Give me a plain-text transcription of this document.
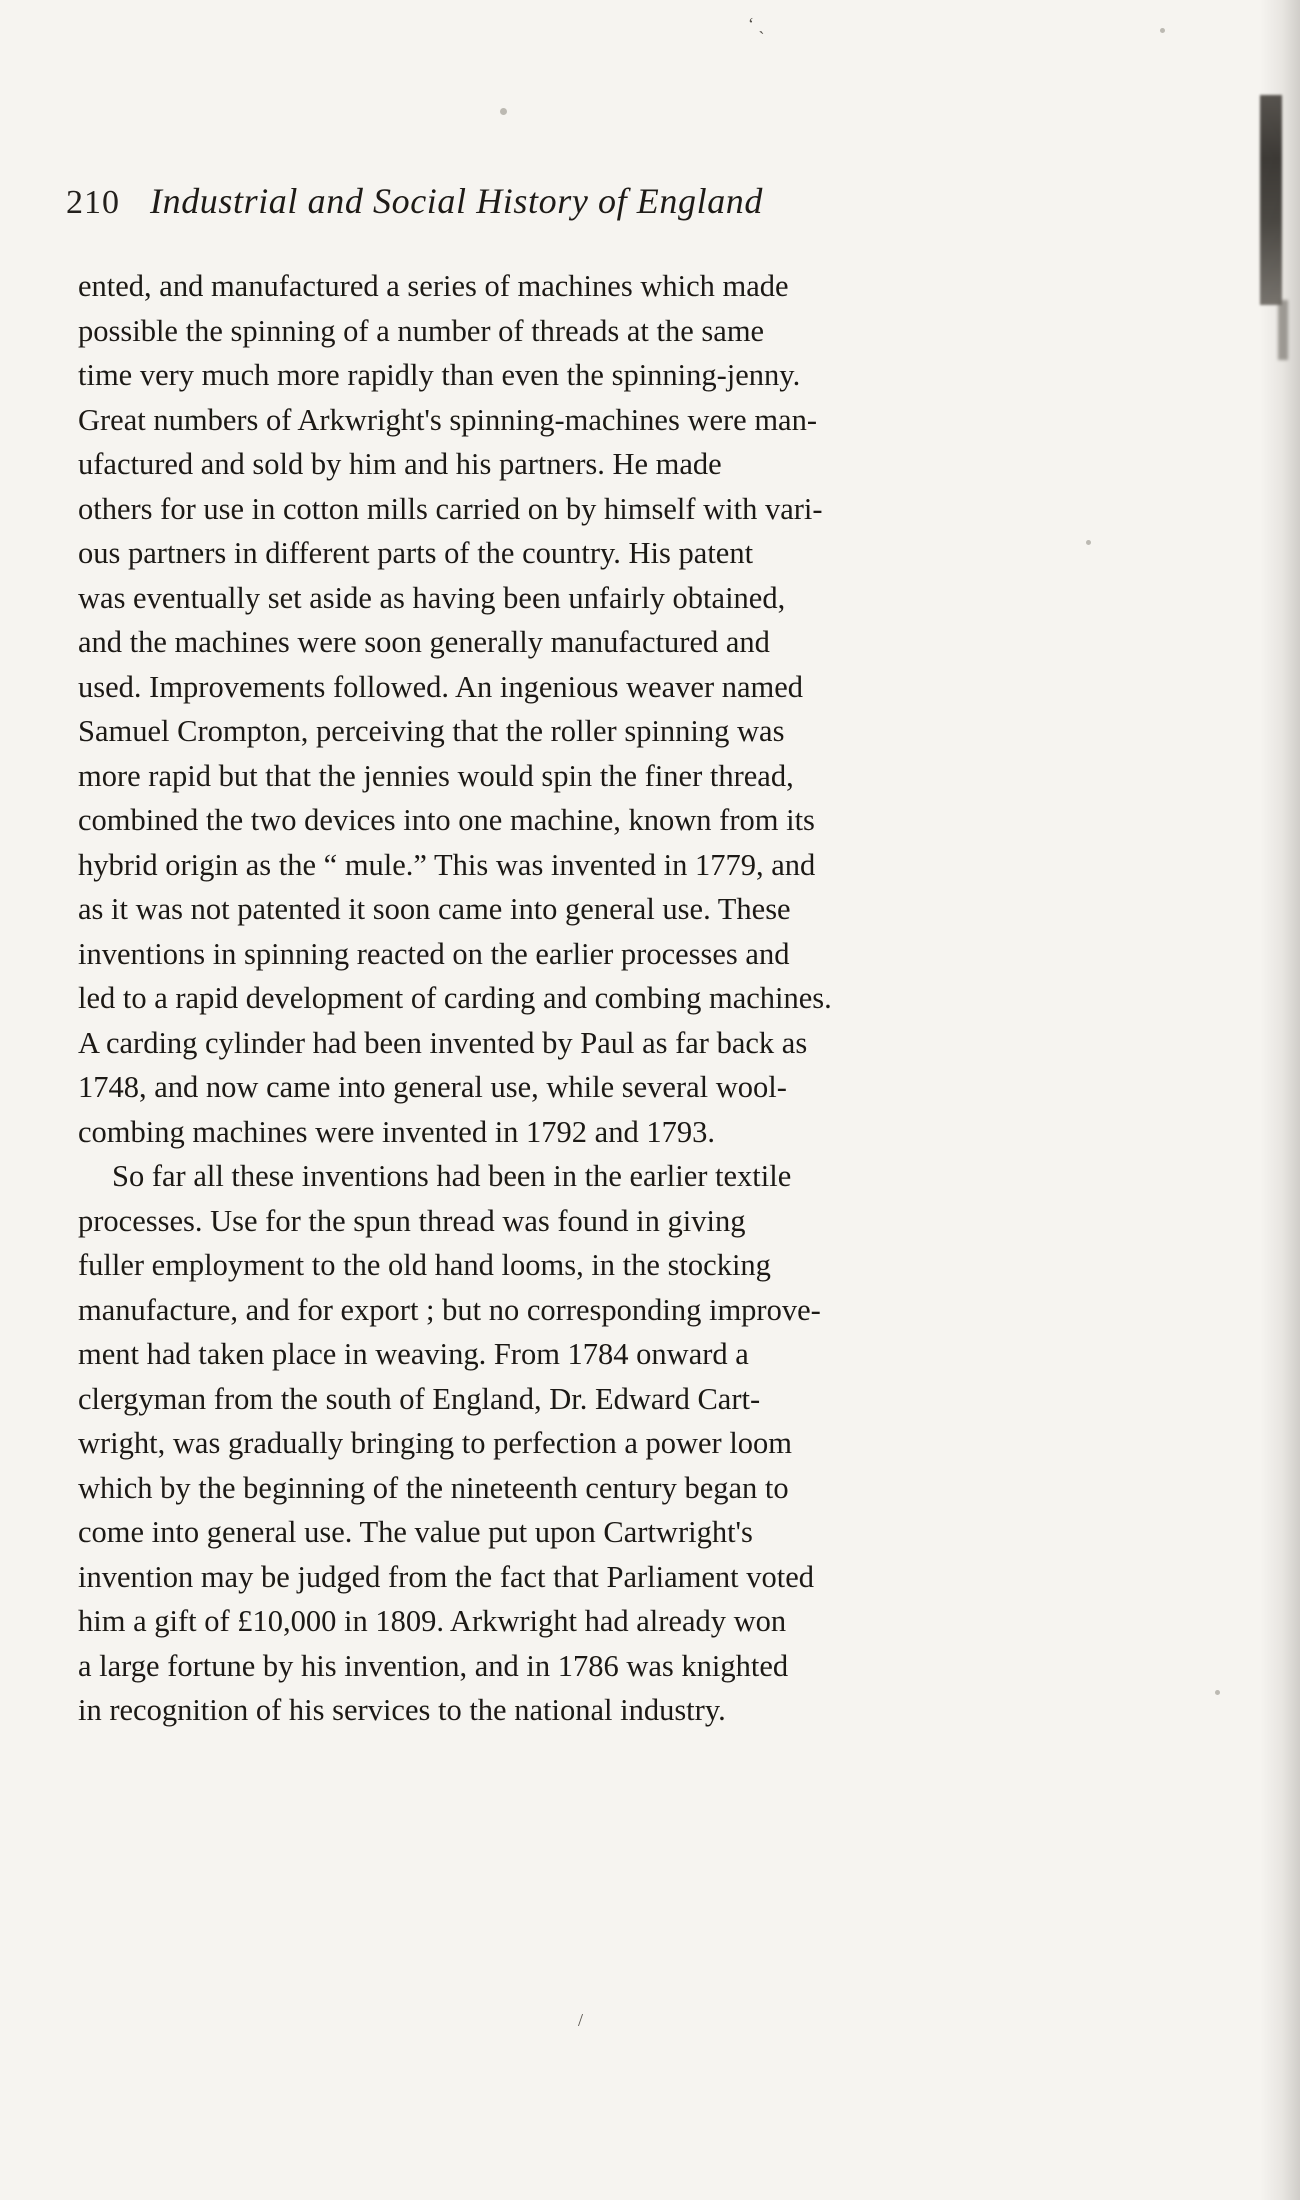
ʻ ˎ
/
210 Industrial and Social History of England

ented, and manufactured a series of machines which made
possible the spinning of a number of threads at the same
time very much more rapidly than even the spinning-jenny.
Great numbers of Arkwright's spinning-machines were man-
ufactured and sold by him and his partners. He made
others for use in cotton mills carried on by himself with vari-
ous partners in different parts of the country. His patent
was eventually set aside as having been unfairly obtained,
and the machines were soon generally manufactured and
used. Improvements followed. An ingenious weaver named
Samuel Crompton, perceiving that the roller spinning was
more rapid but that the jennies would spin the finer thread,
combined the two devices into one machine, known from its
hybrid origin as the “ mule.” This was invented in 1779, and
as it was not patented it soon came into general use. These
inventions in spinning reacted on the earlier processes and
led to a rapid development of carding and combing machines.
A carding cylinder had been invented by Paul as far back as
1748, and now came into general use, while several wool-
combing machines were invented in 1792 and 1793.

So far all these inventions had been in the earlier textile
processes. Use for the spun thread was found in giving
fuller employment to the old hand looms, in the stocking
manufacture, and for export ; but no corresponding improve-
ment had taken place in weaving. From 1784 onward a
clergyman from the south of England, Dr. Edward Cart-
wright, was gradually bringing to perfection a power loom
which by the beginning of the nineteenth century began to
come into general use. The value put upon Cartwright's
invention may be judged from the fact that Parliament voted
him a gift of £10,000 in 1809. Arkwright had already won
a large fortune by his invention, and in 1786 was knighted
in recognition of his services to the national industry.
